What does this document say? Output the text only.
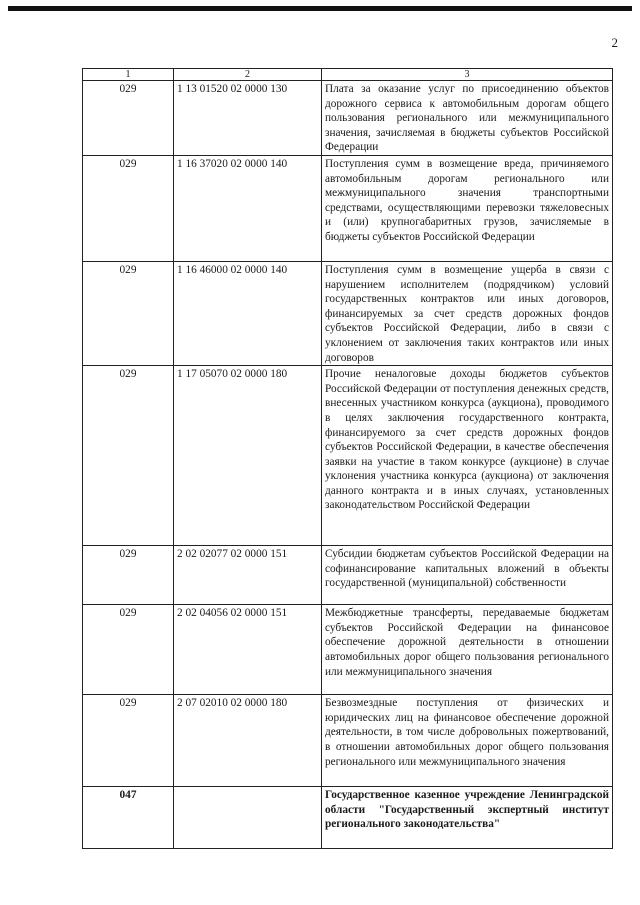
2
1	2	3
029	1 13 01520 02 0000 130	Плата за оказание услуг по присоединению объектов дорожного сервиса к автомобильным дорогам общего пользования регионального или межмуниципального значения, зачисляемая в бюджеты субъектов Российской Федерации
029	1 16 37020 02 0000 140	Поступления сумм в возмещение вреда, причиняемого автомобильным дорогам регионального или межмуниципального значения транспортными средствами, осуществляющими перевозки тяжеловесных и (или) крупногабаритных грузов, зачисляемые в бюджеты субъектов Российской Федерации
029	1 16 46000 02 0000 140	Поступления сумм в возмещение ущерба в связи с нарушением исполнителем (подрядчиком) условий государственных контрактов или иных договоров, финансируемых за счет средств дорожных фондов субъектов Российской Федерации, либо в связи с уклонением от заключения таких контрактов или иных договоров
029	1 17 05070 02 0000 180	Прочие неналоговые доходы бюджетов субъектов Российской Федерации от поступления денежных средств, внесенных участником конкурса (аукциона), проводимого в целях заключения государственного контракта, финансируемого за счет средств дорожных фондов субъектов Российской Федерации, в качестве обеспечения заявки на участие в таком конкурсе (аукционе) в случае уклонения участника конкурса (аукциона) от заключения данного контракта и в иных случаях, установленных законодательством Российской Федерации
029	2 02 02077 02 0000 151	Субсидии бюджетам субъектов Российской Федерации на софинансирование капитальных вложений в объекты государственной (муниципальной) собственности
029	2 02 04056 02 0000 151	Межбюджетные трансферты, передаваемые бюджетам субъектов Российской Федерации на финансовое обеспечение дорожной деятельности в отношении автомобильных дорог общего пользования регионального или межмуниципального значения
029	2 07 02010 02 0000 180	Безвозмездные поступления от физических и юридических лиц на финансовое обеспечение дорожной деятельности, в том числе добровольных пожертвований, в отношении автомобильных дорог общего пользования регионального или межмуниципального значения
047		Государственное казенное учреждение Ленинградской области "Государственный экспертный институт регионального законодательства"
